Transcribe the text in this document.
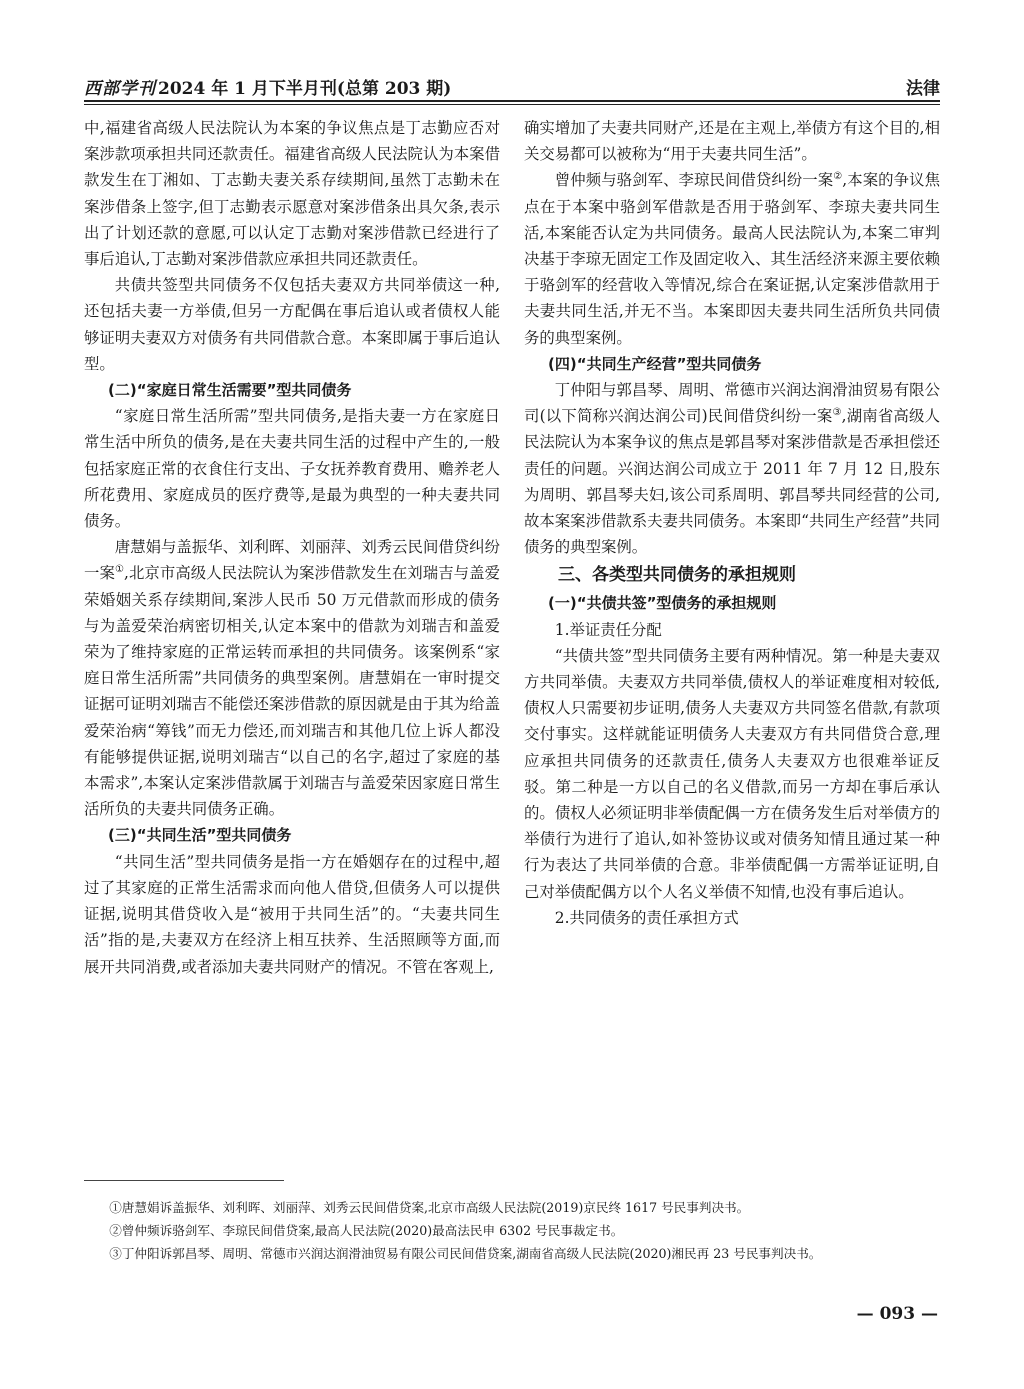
西部学刊 2024 年 1 月下半月刊(总第 203 期)	法律

中,福建省高级人民法院认为本案的争议焦点是丁志勤应否对案涉款项承担共同还款责任。福建省高级人民法院认为本案借款发生在丁湘如、丁志勤夫妻关系存续期间,虽然丁志勤未在案涉借条上签字,但丁志勤表示愿意对案涉借条出具欠条,表示出了计划还款的意愿,可以认定丁志勤对案涉借款已经进行了事后追认,丁志勤对案涉借款应承担共同还款责任。

共债共签型共同债务不仅包括夫妻双方共同举债这一种,还包括夫妻一方举债,但另一方配偶在事后追认或者债权人能够证明夫妻双方对债务有共同借款合意。本案即属于事后追认型。

(二)“家庭日常生活需要”型共同债务

“家庭日常生活所需”型共同债务,是指夫妻一方在家庭日常生活中所负的债务,是在夫妻共同生活的过程中产生的,一般包括家庭正常的衣食住行支出、子女抚养教育费用、赡养老人所花费用、家庭成员的医疗费等,是最为典型的一种夫妻共同债务。

唐慧娟与盖振华、刘利晖、刘丽萍、刘秀云民间借贷纠纷一案①,北京市高级人民法院认为案涉借款发生在刘瑞吉与盖爱荣婚姻关系存续期间,案涉人民币 50 万元借款而形成的债务与为盖爱荣治病密切相关,认定本案中的借款为刘瑞吉和盖爱荣为了维持家庭的正常运转而承担的共同债务。该案例系“家庭日常生活所需”共同债务的典型案例。唐慧娟在一审时提交证据可证明刘瑞吉不能偿还案涉借款的原因就是由于其为给盖爱荣治病“筹钱”而无力偿还,而刘瑞吉和其他几位上诉人都没有能够提供证据,说明刘瑞吉“以自己的名字,超过了家庭的基本需求”,本案认定案涉借款属于刘瑞吉与盖爱荣因家庭日常生活所负的夫妻共同债务正确。

(三)“共同生活”型共同债务

“共同生活”型共同债务是指一方在婚姻存在的过程中,超过了其家庭的正常生活需求而向他人借贷,但债务人可以提供证据,说明其借贷收入是“被用于共同生活”的。“夫妻共同生活”指的是,夫妻双方在经济上相互扶养、生活照顾等方面,而展开共同消费,或者添加夫妻共同财产的情况。不管在客观上,

确实增加了夫妻共同财产,还是在主观上,举债方有这个目的,相关交易都可以被称为“用于夫妻共同生活”。

曾仲频与骆剑军、李琼民间借贷纠纷一案②,本案的争议焦点在于本案中骆剑军借款是否用于骆剑军、李琼夫妻共同生活,本案能否认定为共同债务。最高人民法院认为,本案二审判决基于李琼无固定工作及固定收入、其生活经济来源主要依赖于骆剑军的经营收入等情况,综合在案证据,认定案涉借款用于夫妻共同生活,并无不当。本案即因夫妻共同生活所负共同债务的典型案例。

(四)“共同生产经营”型共同债务

丁仲阳与郭昌琴、周明、常德市兴润达润滑油贸易有限公司(以下简称兴润达润公司)民间借贷纠纷一案③,湖南省高级人民法院认为本案争议的焦点是郭昌琴对案涉借款是否承担偿还责任的问题。兴润达润公司成立于 2011 年 7 月 12 日,股东为周明、郭昌琴夫妇,该公司系周明、郭昌琴共同经营的公司,故本案案涉借款系夫妻共同债务。本案即“共同生产经营”共同债务的典型案例。

三、各类型共同债务的承担规则

(一)“共债共签”型债务的承担规则

1.举证责任分配

“共债共签”型共同债务主要有两种情况。第一种是夫妻双方共同举债。夫妻双方共同举债,债权人的举证难度相对较低,债权人只需要初步证明,债务人夫妻双方共同签名借款,有款项交付事实。这样就能证明债务人夫妻双方有共同借贷合意,理应承担共同债务的还款责任,债务人夫妻双方也很难举证反驳。第二种是一方以自己的名义借款,而另一方却在事后承认的。债权人必须证明非举债配偶一方在债务发生后对举债方的举债行为进行了追认,如补签协议或对债务知情且通过某一种行为表达了共同举债的合意。非举债配偶一方需举证证明,自己对举债配偶方以个人名义举债不知情,也没有事后追认。

2.共同债务的责任承担方式

①唐慧娟诉盖振华、刘利晖、刘丽萍、刘秀云民间借贷案,北京市高级人民法院(2019)京民终 1617 号民事判决书。

②曾仲频诉骆剑军、李琼民间借贷案,最高人民法院(2020)最高法民申 6302 号民事裁定书。

③丁仲阳诉郭昌琴、周明、常德市兴润达润滑油贸易有限公司民间借贷案,湖南省高级人民法院(2020)湘民再 23 号民事判决书。

— 093 —
